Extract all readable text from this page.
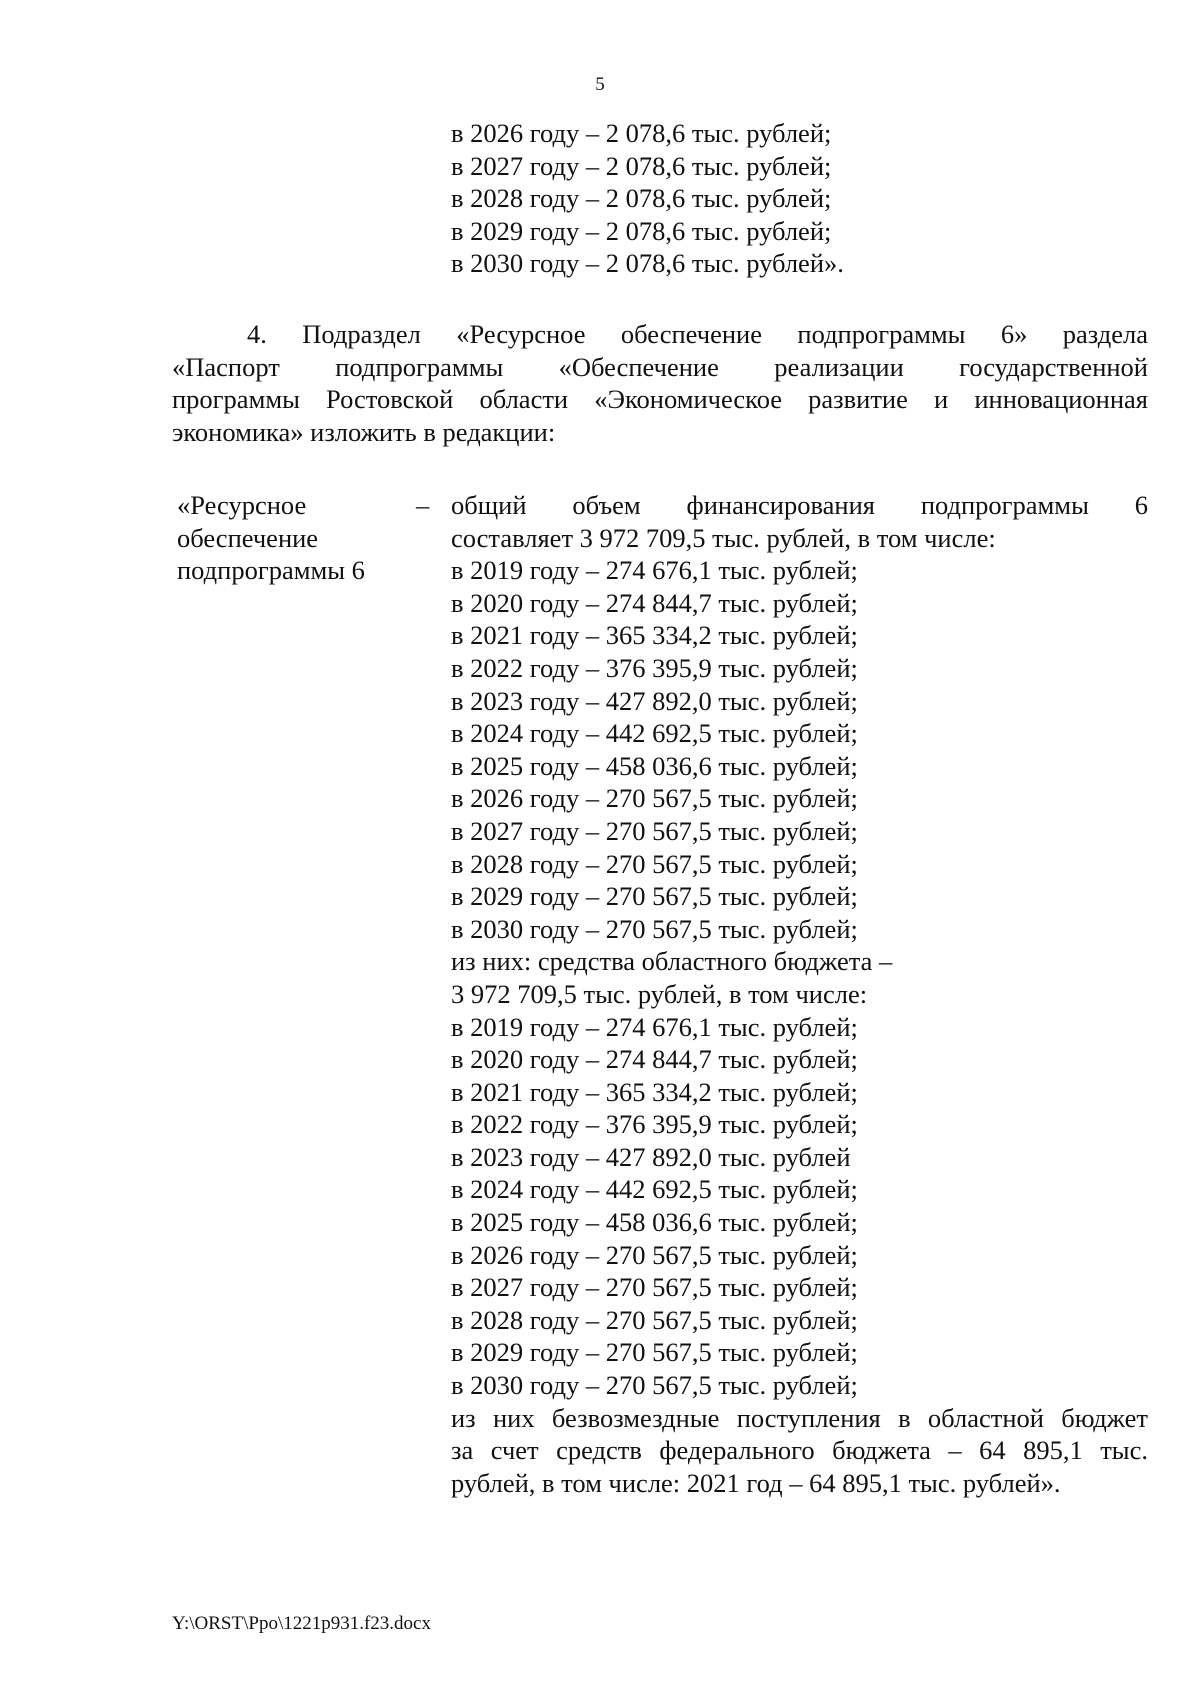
5
в 2026 году – 2 078,6 тыс. рублей;
в 2027 году – 2 078,6 тыс. рублей;
в 2028 году – 2 078,6 тыс. рублей;
в 2029 году – 2 078,6 тыс. рублей;
в 2030 году – 2 078,6 тыс. рублей».
4. Подраздел «Ресурсное обеспечение подпрограммы 6» раздела
«Паспорт подпрограммы «Обеспечение реализации государственной
программы Ростовской области «Экономическое развитие и инновационная
экономика» изложить в редакции:
«Ресурсное
обеспечение
подпрограммы 6
– общий объем финансирования подпрограммы 6
составляет 3 972 709,5 тыс. рублей, в том числе:
в 2019 году – 274 676,1 тыс. рублей;
в 2020 году – 274 844,7 тыс. рублей;
в 2021 году – 365 334,2 тыс. рублей;
в 2022 году – 376 395,9 тыс. рублей;
в 2023 году – 427 892,0 тыс. рублей;
в 2024 году – 442 692,5 тыс. рублей;
в 2025 году – 458 036,6 тыс. рублей;
в 2026 году – 270 567,5 тыс. рублей;
в 2027 году – 270 567,5 тыс. рублей;
в 2028 году – 270 567,5 тыс. рублей;
в 2029 году – 270 567,5 тыс. рублей;
в 2030 году – 270 567,5 тыс. рублей;
из них: средства областного бюджета –
3 972 709,5 тыс. рублей, в том числе:
в 2019 году – 274 676,1 тыс. рублей;
в 2020 году – 274 844,7 тыс. рублей;
в 2021 году – 365 334,2 тыс. рублей;
в 2022 году – 376 395,9 тыс. рублей;
в 2023 году – 427 892,0 тыс. рублей
в 2024 году – 442 692,5 тыс. рублей;
в 2025 году – 458 036,6 тыс. рублей;
в 2026 году – 270 567,5 тыс. рублей;
в 2027 году – 270 567,5 тыс. рублей;
в 2028 году – 270 567,5 тыс. рублей;
в 2029 году – 270 567,5 тыс. рублей;
в 2030 году – 270 567,5 тыс. рублей;
из них безвозмездные поступления в областной бюджет
за счет средств федерального бюджета – 64 895,1 тыс.
рублей, в том числе: 2021 год – 64 895,1 тыс. рублей».
Y:\ORST\Ppo\1221p931.f23.docx
